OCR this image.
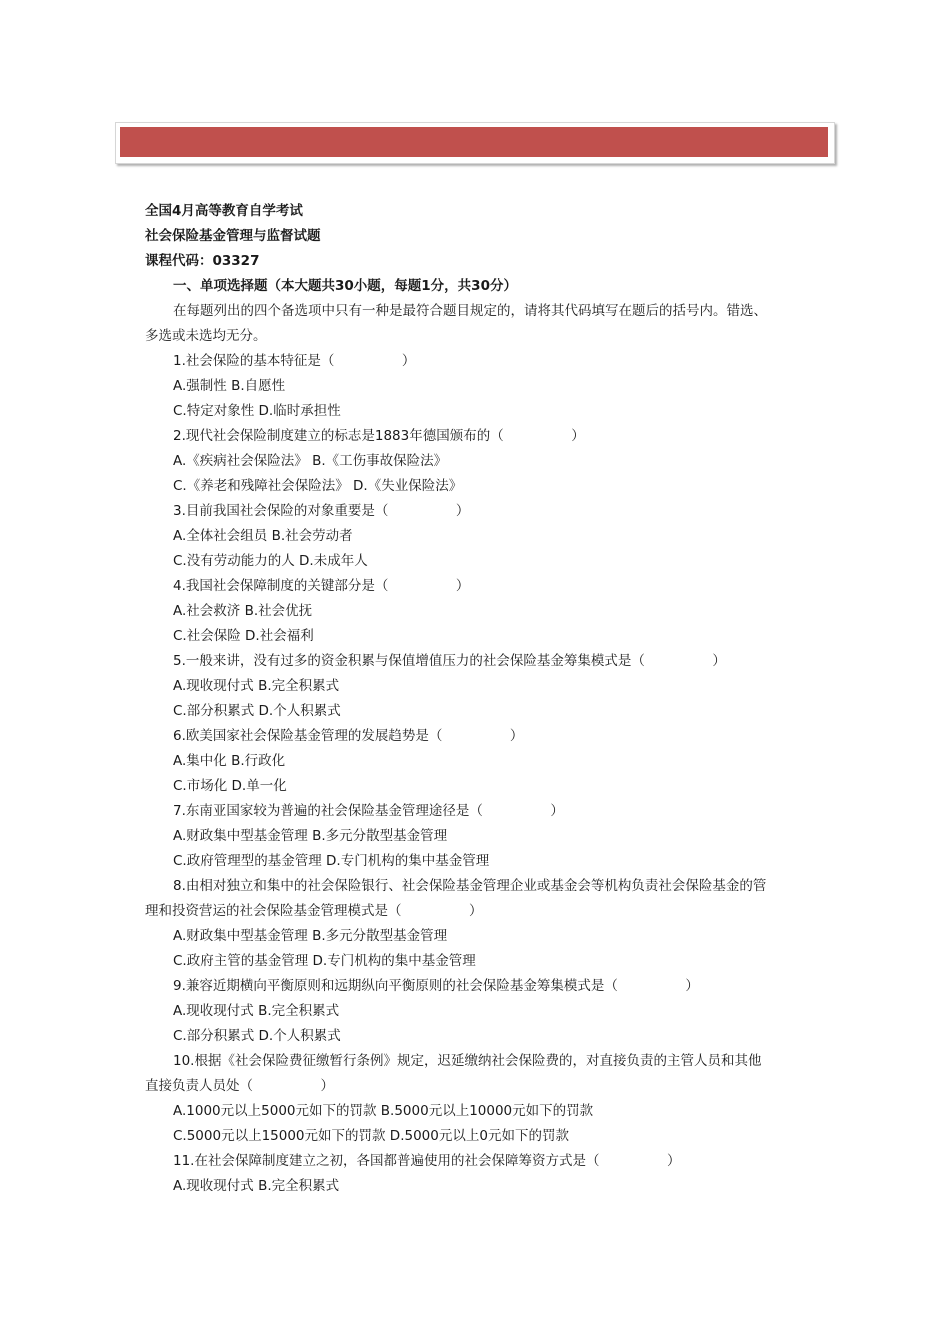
全国4月高等教育自学考试
社会保险基金管理与监督试题
课程代码：03327
一、单项选择题（本大题共30小题，每题1分，共30分）
在每题列出的四个备选项中只有一种是最符合题目规定的，请将其代码填写在题后的括号内。错选、
多选或未选均无分。
1.社会保险的基本特征是（　　　　　）
A.强制性 B.自愿性
C.特定对象性 D.临时承担性
2.现代社会保险制度建立的标志是1883年德国颁布的（　　　　　）
A.《疾病社会保险法》 B.《工伤事故保险法》
C.《养老和残障社会保险法》 D.《失业保险法》
3.目前我国社会保险的对象重要是（　　　　　）
A.全体社会组员 B.社会劳动者
C.没有劳动能力的人 D.未成年人
4.我国社会保障制度的关键部分是（　　　　　）
A.社会救济 B.社会优抚
C.社会保险 D.社会福利
5.一般来讲，没有过多的资金积累与保值增值压力的社会保险基金筹集模式是（　　　　　）
A.现收现付式 B.完全积累式
C.部分积累式 D.个人积累式
6.欧美国家社会保险基金管理的发展趋势是（　　　　　）
A.集中化 B.行政化
C.市场化 D.单一化
7.东南亚国家较为普遍的社会保险基金管理途径是（　　　　　）
A.财政集中型基金管理 B.多元分散型基金管理
C.政府管理型的基金管理 D.专门机构的集中基金管理
8.由相对独立和集中的社会保险银行、社会保险基金管理企业或基金会等机构负责社会保险基金的管
理和投资营运的社会保险基金管理模式是（　　　　　）
A.财政集中型基金管理 B.多元分散型基金管理
C.政府主管的基金管理 D.专门机构的集中基金管理
9.兼容近期横向平衡原则和远期纵向平衡原则的社会保险基金筹集模式是（　　　　　）
A.现收现付式 B.完全积累式
C.部分积累式 D.个人积累式
10.根据《社会保险费征缴暂行条例》规定，迟延缴纳社会保险费的，对直接负责的主管人员和其他
直接负责人员处（　　　　　）
A.1000元以上5000元如下的罚款 B.5000元以上10000元如下的罚款
C.5000元以上15000元如下的罚款 D.5000元以上0元如下的罚款
11.在社会保障制度建立之初，各国都普遍使用的社会保障筹资方式是（　　　　　）
A.现收现付式 B.完全积累式
